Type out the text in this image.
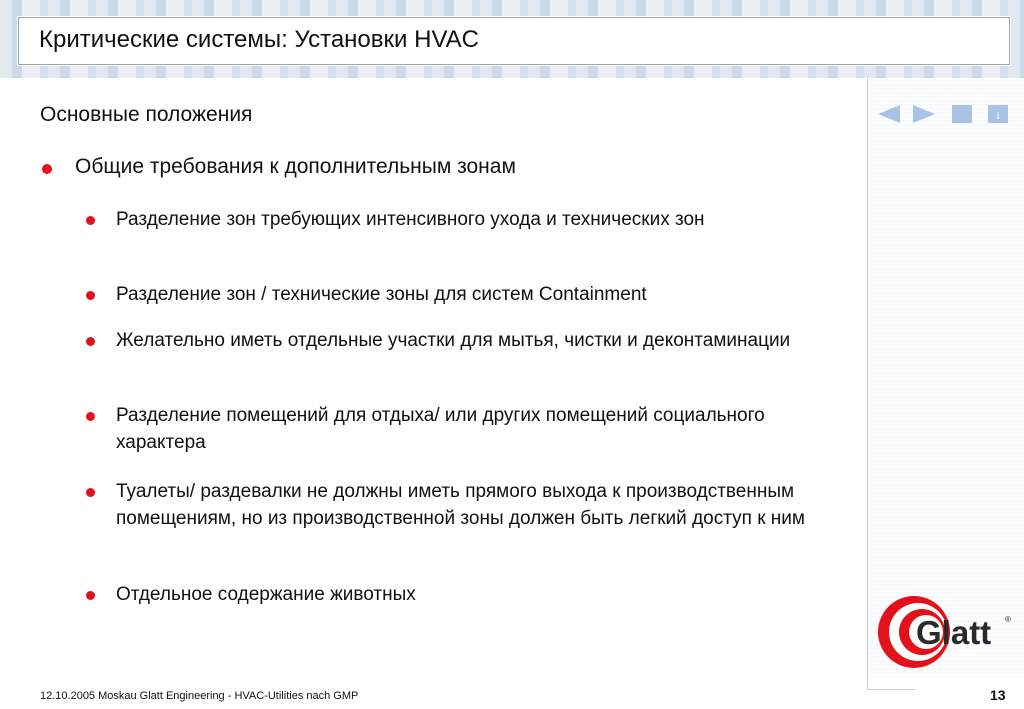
Критические системы: Установки HVAC
i
Основные положения
Общие требования к дополнительным зонам
Разделение зон требующих интенсивного ухода и технических зон
Разделение зон / технические зоны для систем Containment
Желательно иметь отдельные участки для мытья, чистки и деконтаминации
Разделение помещений для отдыха/ или других помещений социального характера
Туалеты/ раздевалки не должны иметь прямого выхода к производственным помещениям, но из производственной зоны должен быть легкий доступ к ним
Отдельное содержание животных
Glatt ®
12.10.2005 Moskau Glatt Engineering - HVAC-Utilities nach GMP	13
